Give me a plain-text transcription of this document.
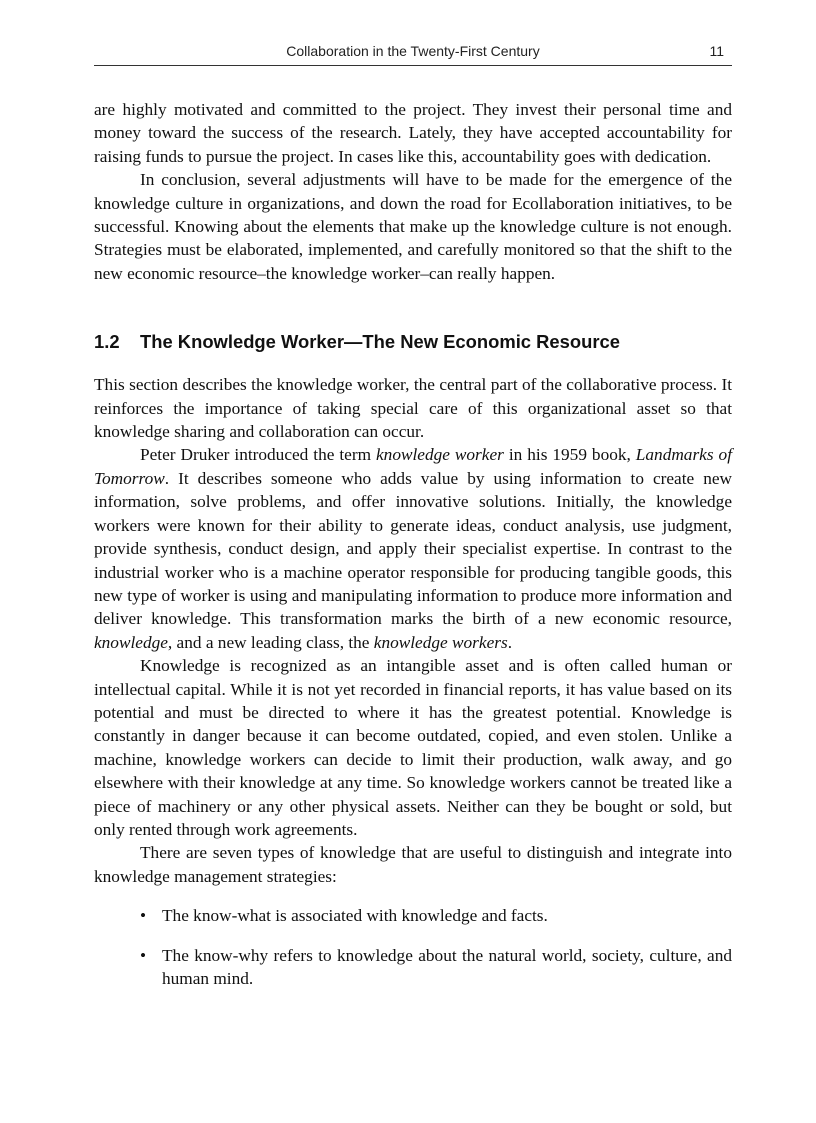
Collaboration in the Twenty-First Century	11

are highly motivated and committed to the project. They invest their personal time and money toward the success of the research. Lately, they have accepted accountability for raising funds to pursue the project. In cases like this, accountability goes with dedication.

In conclusion, several adjustments will have to be made for the emergence of the knowledge culture in organizations, and down the road for Ecollaboration initiatives, to be successful. Knowing about the elements that make up the knowledge culture is not enough. Strategies must be elaborated, implemented, and carefully monitored so that the shift to the new economic resource–the knowledge worker–can really happen.

1.2 The Knowledge Worker—The New Economic Resource

This section describes the knowledge worker, the central part of the collaborative process. It reinforces the importance of taking special care of this organizational asset so that knowledge sharing and collaboration can occur.

Peter Druker introduced the term knowledge worker in his 1959 book, Landmarks of Tomorrow. It describes someone who adds value by using information to create new information, solve problems, and offer innovative solutions. Initially, the knowledge workers were known for their ability to generate ideas, conduct analysis, use judgment, provide synthesis, conduct design, and apply their specialist expertise. In contrast to the industrial worker who is a machine operator responsible for producing tangible goods, this new type of worker is using and manipulating information to produce more information and deliver knowledge. This transformation marks the birth of a new economic resource, knowledge, and a new leading class, the knowledge workers.

Knowledge is recognized as an intangible asset and is often called human or intellectual capital. While it is not yet recorded in financial reports, it has value based on its potential and must be directed to where it has the greatest potential. Knowledge is constantly in danger because it can become outdated, copied, and even stolen. Unlike a machine, knowledge workers can decide to limit their production, walk away, and go elsewhere with their knowledge at any time. So knowledge workers cannot be treated like a piece of machinery or any other physical assets. Neither can they be bought or sold, but only rented through work agreements.

There are seven types of knowledge that are useful to distinguish and integrate into knowledge management strategies:

• The know-what is associated with knowledge and facts.
• The know-why refers to knowledge about the natural world, society, culture, and human mind.
